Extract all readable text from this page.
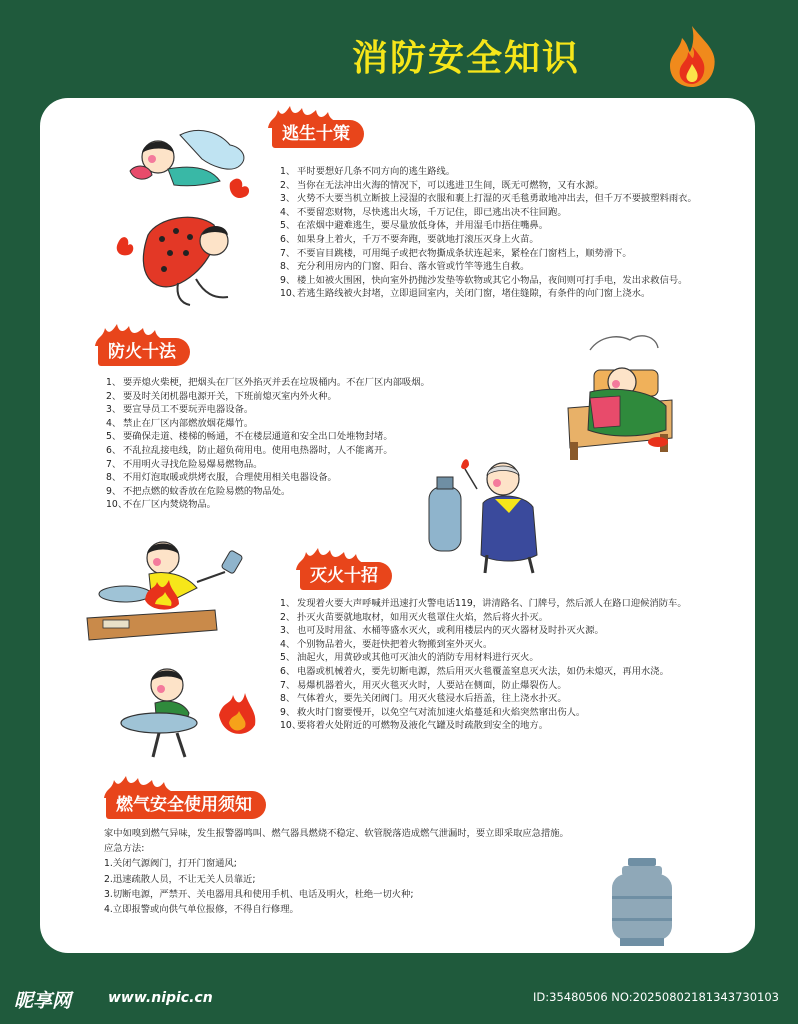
消防安全知识
逃生十策
1、 平时要想好几条不同方向的逃生路线。
2、 当你在无法冲出火海的情况下，可以逃进卫生间，既无可燃物，又有水源。
3、 火势不大要当机立断披上浸湿的衣服和裹上打湿的灭毛毯勇敢地冲出去，但千万不要披塑料雨衣。
4、 不要留恋财物，尽快逃出火场，千万记住，即已逃出决不往回跑。
5、 在浓烟中避难逃生，要尽量放低身体，并用湿毛巾捂住嘴鼻。
6、 如果身上着火，千万不要奔跑，要就地打滚压灭身上火苗。
7、 不要盲目跳楼，可用绳子或把衣物撕成条状连起来，紧栓在门窗档上，顺势滑下。
8、 充分利用房内的门窗、阳台、落水管或竹竿等逃生自救。
9、 楼上如被火围困，快向室外扔抛沙发垫等软物或其它小物品，夜间则可打手电，发出求救信号。
10、
若逃生路线被火封堵，立即退回室内，关闭门窗，堵住缝隙，有条件的向门窗上浇水。
防火十法
1、 要弄熄火柴梗，把烟头在厂区外掐灭并丢在垃圾桶内。不在厂区内部吸烟。
2、 要及时关闭机器电源开关，下班前熄灭室内外火种。
3、 要宣导员工不要玩弄电器设备。
4、 禁止在厂区内部燃放烟花爆竹。
5、 要确保走道、楼梯的畅通，不在楼层通道和安全出口处堆物封堵。
6、 不乱拉乱接电线，防止超负荷用电。使用电热器时，人不能离开。
7、 不用明火寻找危险易爆易燃物品。
8、 不用灯泡取暖或烘烤衣服，合理使用相关电器设备。
9、 不把点燃的蚊香放在危险易燃的物品处。
10、
不在厂区内焚烧物品。
灭火十招
1、 发现着火要大声呼喊并迅速打火警电话119，讲清路名、门牌号，然后派人在路口迎候消防车。
2、 扑灭火苗要就地取材，如用灭火毯罩住火焰，然后将火扑灭。
3、 也可及时用盆、水桶等盛水灭火，或利用楼层内的灭火器材及时扑灭火源。
4、 个别物品着火，要赶快把着火物搬到室外灭火。
5、 油起火，用黄砂或其他可灭油火的消防专用材料进行灭火。
6、 电器或机械着火，要先切断电源，然后用灭火毯覆盖窒息灭火法，如仍未熄灭，再用水浇。
7、 易爆机器着火，用灭火毯灭火时，人要站在侧面，防止爆裂伤人。
8、 气体着火，要先关闭阀门。用灭火毯浸水后捂盖，往上浇水扑灭。
9、 救火时门窗要慢开，以免空气对流加速火焰蔓延和火焰突然窜出伤人。
10、
要将着火处附近的可燃物及液化气罐及时疏散到安全的地方。
燃气安全使用须知
家中如嗅到燃气异味，发生报警器鸣叫、燃气器具燃烧不稳定、软管脱落造成燃气泄漏时，要立即采取应急措施。
应急方法:
1.关闭气源阀门，打开门窗通风;
2.迅速疏散人员，不让无关人员靠近;
3.切断电源，严禁开、关电器用具和使用手机、电话及明火，杜绝一切火种;
4.立即报警或向供气单位报修，不得自行修理。
昵享网	www.nipic.cn	ID:35480506 NO:20250802181343730103
